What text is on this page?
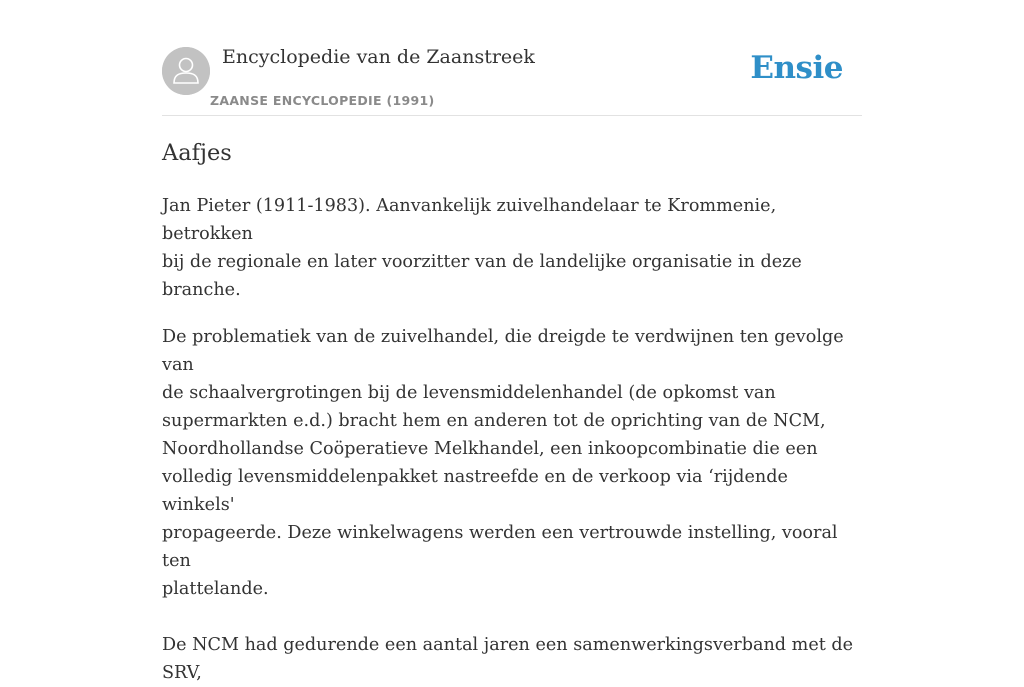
Encyclopedie van de Zaanstreek
ZAANSE ENCYCLOPEDIE (1991)
Ensie
Aafjes

Jan Pieter (1911-1983). Aanvankelijk zuivelhandelaar te Krommenie, betrokken
bij de regionale en later voorzitter van de landelijke organisatie in deze branche.

De problematiek van de zuivelhandel, die dreigde te verdwijnen ten gevolge van
de schaalvergrotingen bij de levensmiddelenhandel (de opkomst van
supermarkten e.d.) bracht hem en anderen tot de oprichting van de NCM,
Noordhollandse Coöperatieve Melkhandel, een inkoopcombinatie die een
volledig levensmiddelenpakket nastreefde en de verkoop via ‘rijdende winkels'
propageerde. Deze winkelwagens werden een vertrouwde instelling, vooral ten
plattelande.

De NCM had gedurende een aantal jaren een samenwerkingsverband met de SRV,
